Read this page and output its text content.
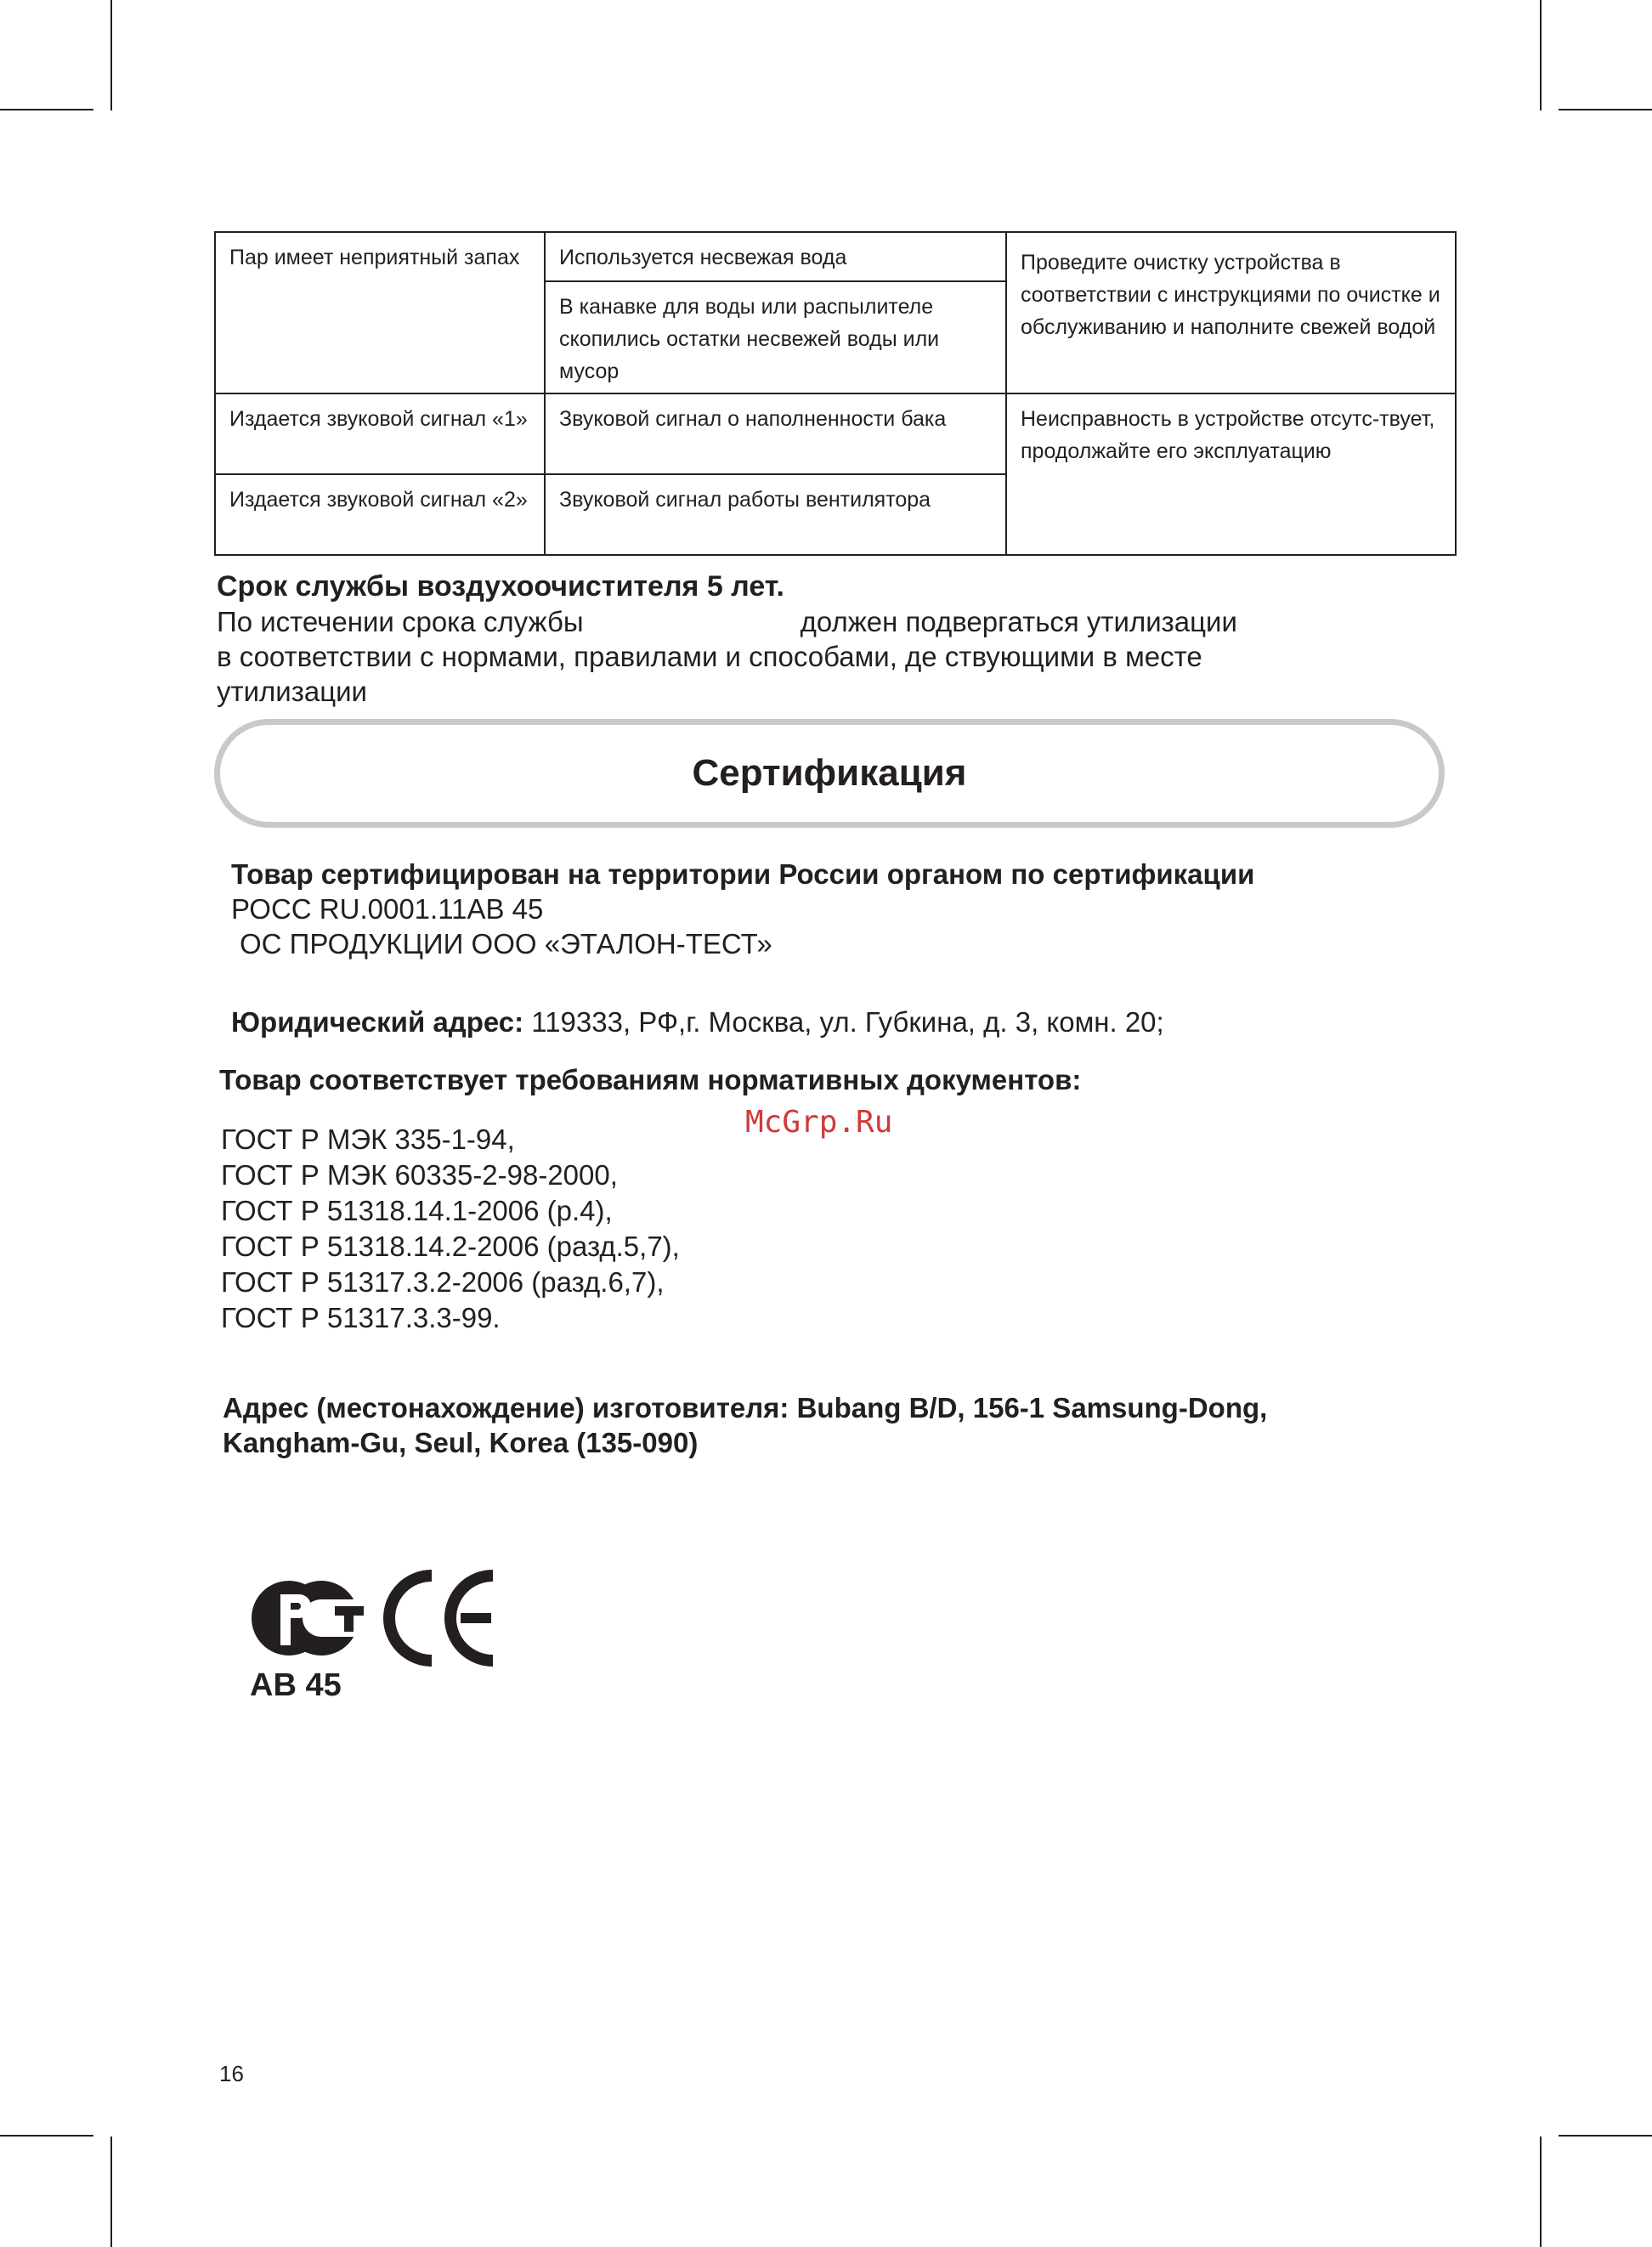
Пар имеет неприятный запах	Используется несвежая вода	Проведите очистку устройства в соответствии с инструкциями по очистке и обслуживанию и наполните свежей водой
	В канавке для воды или распылителе скопились остатки несвежей воды или мусор	
Издается звуковой сигнал «1»	Звуковой сигнал о наполненности бака	Неисправность в устройстве отсутс-твует, продолжайте его эксплуатацию
Издается звуковой сигнал «2»	Звуковой сигнал работы вентилятора	
Срок службы воздухоочистителя 5 лет.
По истечении срока службы	должен подвергаться утилизации
в соответствии с нормами, правилами и способами, де ствующими в месте
утилизации
Сертификация
Товар сертифицирован на территории России органом по сертификации
РОСС RU.0001.11АВ 45
ОС ПРОДУКЦИИ ООО «ЭТАЛОН-ТЕСТ»
Юридический адрес: 119333, РФ,г. Москва, ул. Губкина, д. 3, комн. 20;
Товар соответствует требованиям нормативных документов:
ГОСТ Р МЭК 335-1-94,
ГОСТ Р МЭК 60335-2-98-2000,
ГОСТ Р 51318.14.1-2006 (р.4),
ГОСТ Р 51318.14.2-2006 (разд.5,7),
ГОСТ Р 51317.3.2-2006 (разд.6,7),
ГОСТ Р 51317.3.3-99.
McGrp.Ru
Адрес (местонахождение) изготовителя: Bubang B/D, 156-1 Samsung-Dong,
Kangham-Gu, Seul, Korea (135-090)
AB 45
16
